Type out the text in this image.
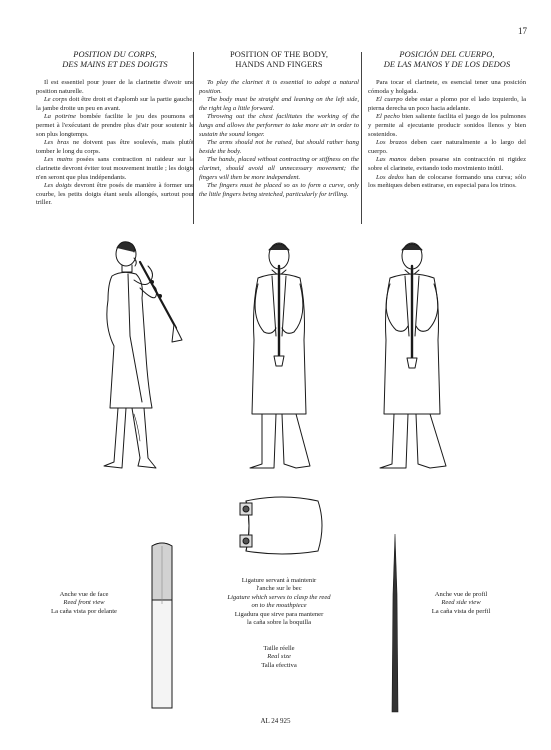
17
POSITION DU CORPS,
DES MAINS ET DES DOIGTS

Il est essentiel pour jouer de la clarinette d'avoir une position naturelle.

Le corps doit être droit et d'aplomb sur la partie gauche, la jambe droite un peu en avant.

La poitrine bombée facilite le jeu des poumons et permet à l'exécutant de prendre plus d'air pour soutenir le son plus longtemps.

Les bras ne doivent pas être soulevés, mais plutôt tomber le long du corps.

Les mains posées sans contraction ni raideur sur la clarinette devront éviter tout mouvement inutile ; les doigts n'en seront que plus indépendants.

Les doigts devront être posés de manière à former une courbe, les petits doigts étant seuls allongés, surtout pour triller.

POSITION OF THE BODY,
HANDS AND FINGERS

To play the clarinet it is essential to adopt a natural position.

The body must be straight and leaning on the left side, the right leg a little forward.

Throwing out the chest facilitates the working of the lungs and allows the performer to take more air in order to sustain the sound longer.

The arms should not be raised, but should rather hang beside the body.

The hands, placed without contracting or stiffness on the clarinet, should avoid all unnecessary movement; the fingers will then be more independent.

The fingers must be placed so as to form a curve, only the little fingers being stretched, particularly for trilling.

POSICIÓN DEL CUERPO,
DE LAS MANOS Y DE LOS DEDOS

Para tocar el clarinete, es esencial tener una posición cómoda y holgada.

El cuerpo debe estar a plomo por el lado izquierdo, la pierna derecha un poco hacia adelante.

El pecho bien saliente facilita el juego de los pulmones y permite al ejecutante producir sonidos llenos y bien sostenidos.

Los brazos deben caer naturalmente a lo largo del cuerpo.

Las manos deben posarse sin contracción ni rigidez sobre el clarinete, evitando todo movimiento inútil.

Los dedos han de colocarse formando una curva; sólo los meñiques deben estirarse, en especial para los trinos.

Anche vue de face
Reed front view
La caña vista por delante
Ligature servant à maintenir
l'anche sur le bec
Ligature which serves to clasp the reed
on to the mouthpiece
Ligadura que sirve para mantener
la caña sobre la boquilla
Taille réelle
Real size
Talla efectiva
Anche vue de profil
Reed side view
La caña vista de perfil
AL 24 925
